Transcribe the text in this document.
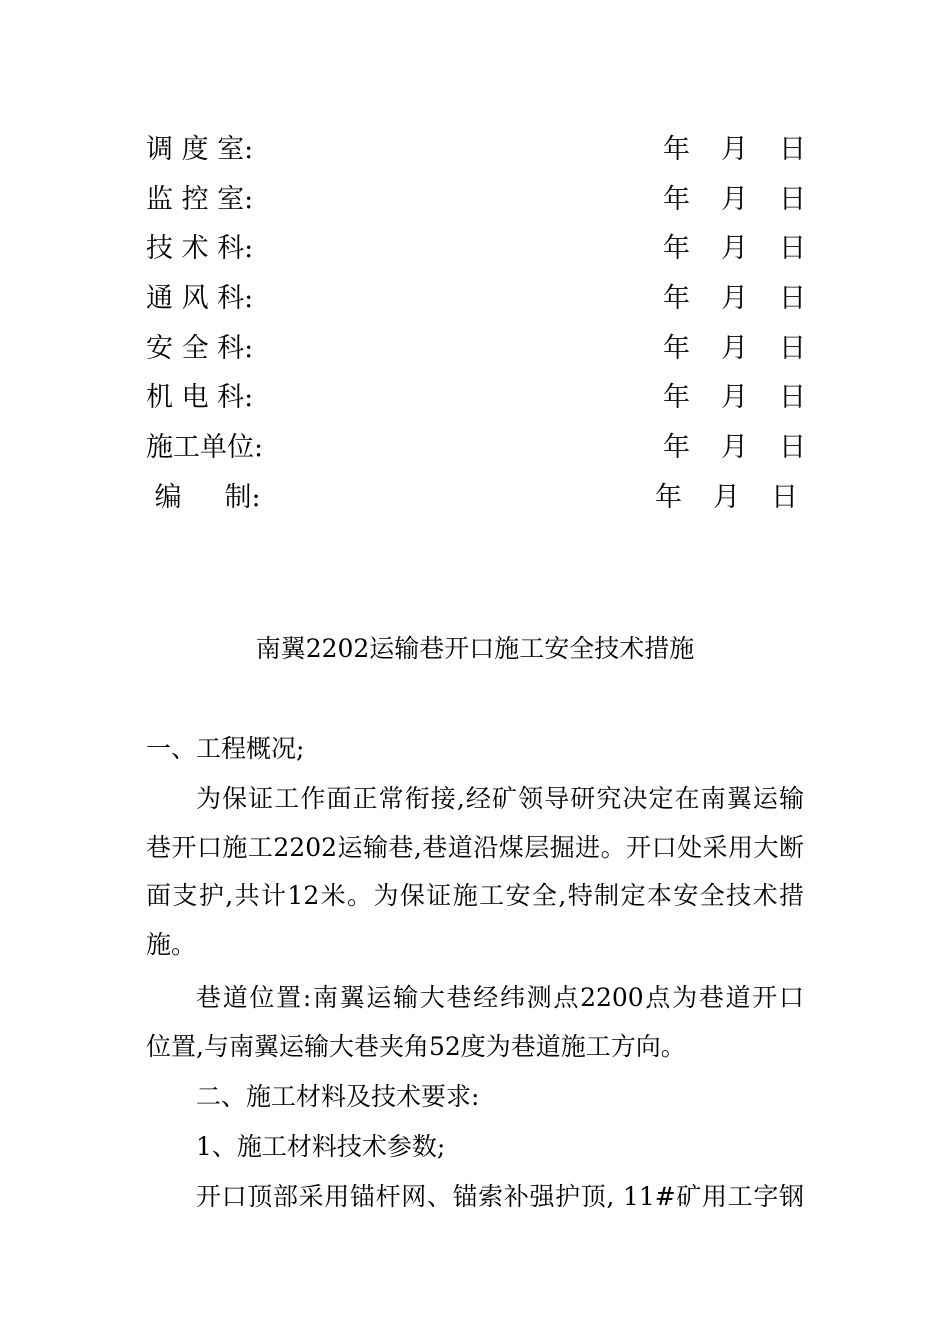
调 度 室:	年 月 日
监 控 室:	年 月 日
技 术 科:	年 月 日
通 风 科:	年 月 日
安 全 科:	年 月 日
机 电 科:	年 月 日
施工单位:	年 月 日
编     制:	年 月 日
南翼2202运输巷开口施工安全技术措施
一、工程概况;
为保证工作面正常衔接,经矿领导研究决定在南翼运输
巷开口施工2202运输巷,巷道沿煤层掘进。开口处采用大断
面支护,共计12米。为保证施工安全,特制定本安全技术措
施。
巷道位置:南翼运输大巷经纬测点2200点为巷道开口
位置,与南翼运输大巷夹角52度为巷道施工方向。
二、施工材料及技术要求:
1、施工材料技术参数;
开口顶部采用锚杆网、锚索补强护顶, 11#矿用工字钢
